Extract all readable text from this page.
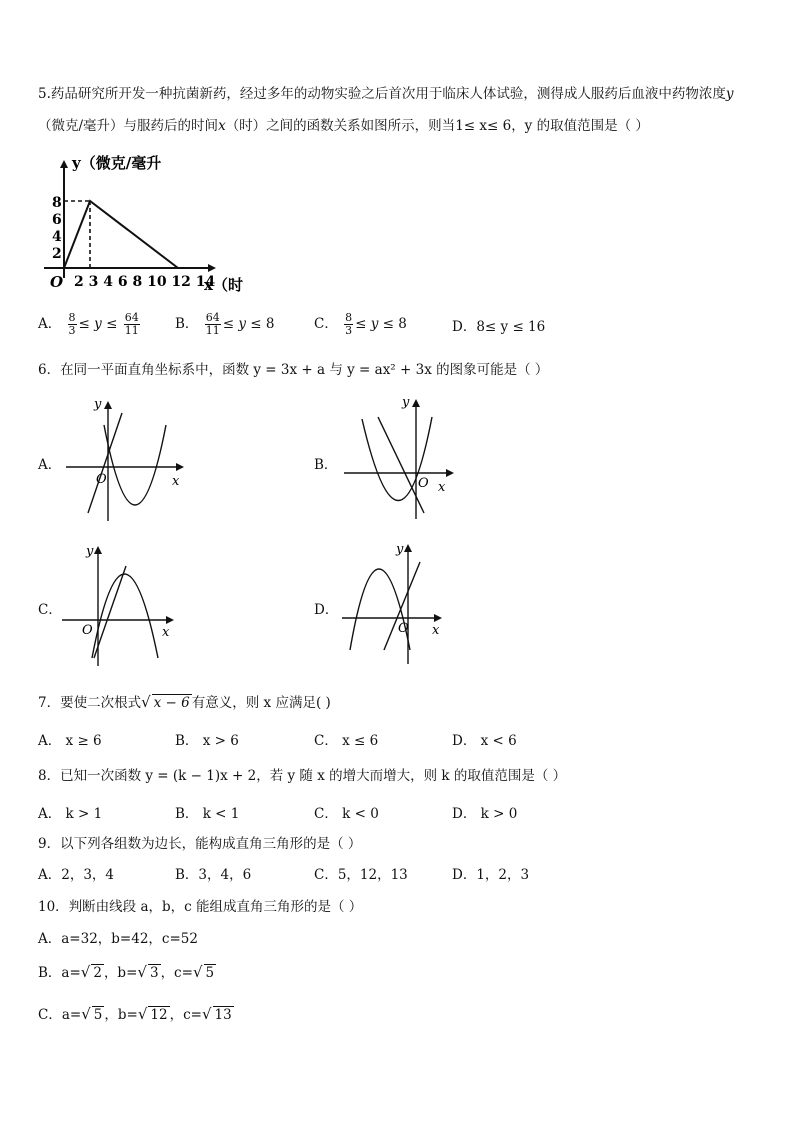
5.药品研究所开发一种抗菌新药，经过多年的动物实验之后首次用于临床人体试验，测得成人服药后血液中药物浓度y
（微克/毫升）与服药后的时间x（时）之间的函数关系如图所示，则当1≤ x≤ 6，y 的取值范围是（ ）
y（微克/毫升
x（时
O
2
4
6
8
2 3 4 6 8 10 12 14
A． $\frac{8}{3} \le y \le \frac{64}{11}$	B． $\frac{64}{11} \le y \le 8$	C． $\frac{8}{3} \le y \le 8$	D．8≤ y ≤ 16
6．在同一平面直角坐标系中，函数 y = 3x + a 与 y = ax² + 3x 的图象可能是（ ）
A．
y
x
O
B．
y
x
O
C．
y
x
O
D．
y
x
O
7．要使二次根式√ x − 6 有意义，则 x 应满足( )
A． x ≥ 6	B． x > 6	C． x ≤ 6	D． x < 6
8．已知一次函数 y = (k − 1)x + 2，若 y 随 x 的增大而增大，则 k 的取值范围是（ ）
A． k > 1	B． k < 1	C． k < 0	D． k > 0
9．以下列各组数为边长，能构成直角三角形的是（ ）
A．2，3，4	B．3，4，6	C．5，12，13	D．1，2，3
10．判断由线段 a，b，c 能组成直角三角形的是（ ）
A．a=32，b=42，c=52
B．a=√ 2 ，b=√ 3 ，c=√ 5
C．a=√ 5 ，b=√ 12 ，c=√ 13
